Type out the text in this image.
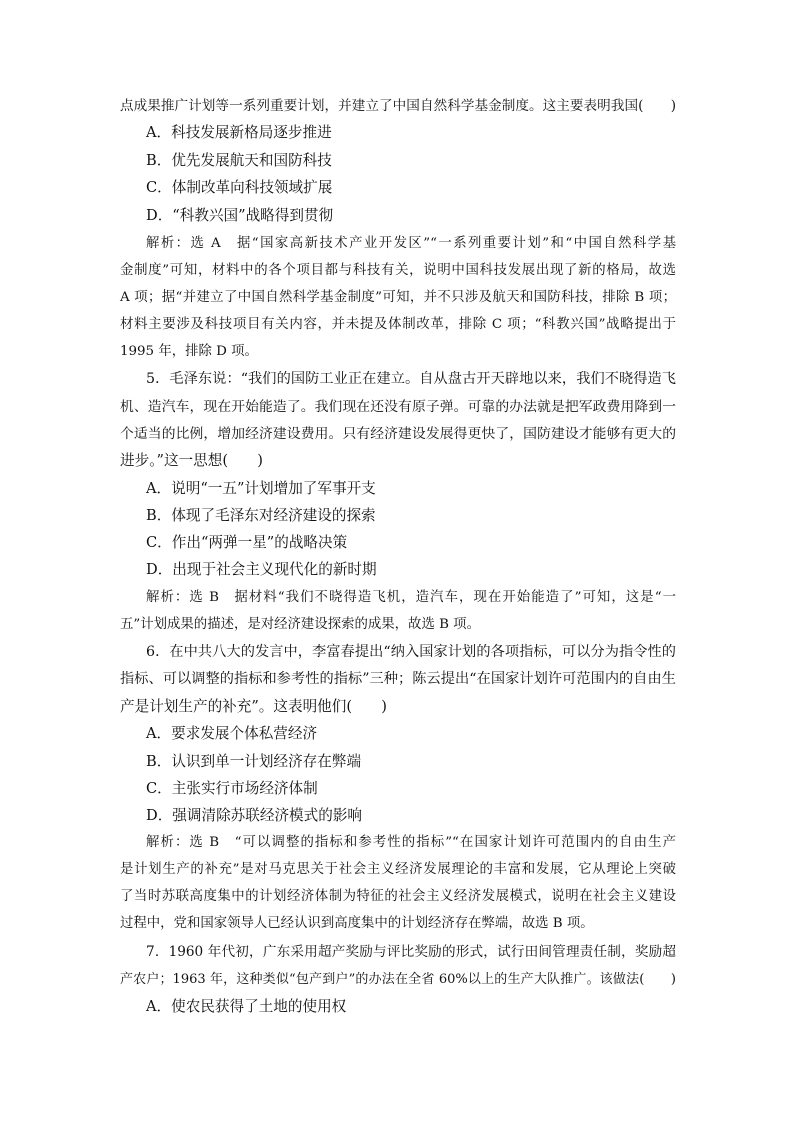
点成果推广计划等一系列重要计划，并建立了中国自然科学基金制度。这主要表明我国(　　)
A．科技发展新格局逐步推进
B．优先发展航天和国防科技
C．体制改革向科技领域扩展
D．“科教兴国”战略得到贯彻
解析：选 A　据“国家高新技术产业开发区”“一系列重要计划”和“中国自然科学基
金制度”可知，材料中的各个项目都与科技有关，说明中国科技发展出现了新的格局，故选
A 项；据“并建立了中国自然科学基金制度”可知，并不只涉及航天和国防科技，排除 B 项；
材料主要涉及科技项目有关内容，并未提及体制改革，排除 C 项；“科教兴国”战略提出于
1995 年，排除 D 项。
5．毛泽东说：“我们的国防工业正在建立。自从盘古开天辟地以来，我们不晓得造飞
机、造汽车，现在开始能造了。我们现在还没有原子弹。可靠的办法就是把军政费用降到一
个适当的比例，增加经济建设费用。只有经济建设发展得更快了，国防建设才能够有更大的
进步。”这一思想(　　)
A．说明“一五”计划增加了军事开支
B．体现了毛泽东对经济建设的探索
C．作出“两弹一星”的战略决策
D．出现于社会主义现代化的新时期
解析：选 B　据材料“我们不晓得造飞机，造汽车，现在开始能造了”可知，这是“一
五”计划成果的描述，是对经济建设探索的成果，故选 B 项。
6．在中共八大的发言中，李富春提出“纳入国家计划的各项指标，可以分为指令性的
指标、可以调整的指标和参考性的指标”三种；陈云提出“在国家计划许可范围内的自由生
产是计划生产的补充”。这表明他们(　　)
A．要求发展个体私营经济
B．认识到单一计划经济存在弊端
C．主张实行市场经济体制
D．强调清除苏联经济模式的影响
解析：选 B　“可以调整的指标和参考性的指标”“在国家计划许可范围内的自由生产
是计划生产的补充”是对马克思关于社会主义经济发展理论的丰富和发展，它从理论上突破
了当时苏联高度集中的计划经济体制为特征的社会主义经济发展模式，说明在社会主义建设
过程中，党和国家领导人已经认识到高度集中的计划经济存在弊端，故选 B 项。
7．1960 年代初，广东采用超产奖励与评比奖励的形式，试行田间管理责任制，奖励超
产农户；1963 年，这种类似“包产到户”的办法在全省 60%以上的生产大队推广。该做法(　　)
A．使农民获得了土地的使用权
